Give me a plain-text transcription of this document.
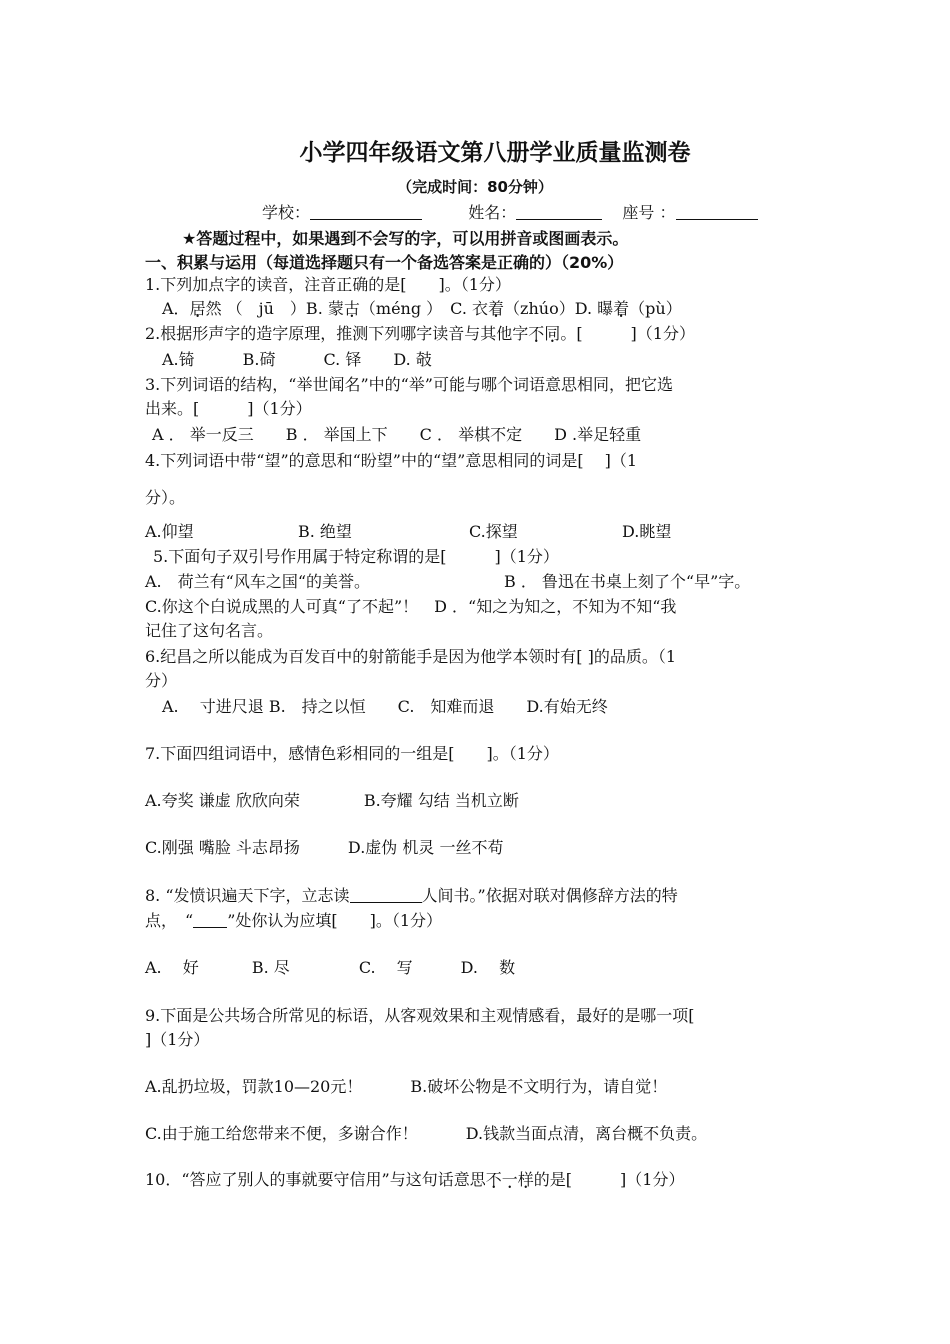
小学四年级语文第八册学业质量监测卷
（完成时间：80分钟）
学校：	姓名：	座号 ：
★答题过程中，如果遇到不会写的字，可以用拼音或图画表示。
一、积累与运用（每道选择题只有一个备选答案是正确的）（20%）
1.下列加点字的读音，注音正确的是[　　]。（1分）
A．居然 （　jū　）B. 蒙古（méng ）　C. 衣着（zhúo）D. 曝着（pù）
2.根据形声字的造字原理，推测下列哪字读音与其他字不同。[　　　]（1分）
A.锜　　　B.碕　　　C. 铎　　D. 攲
3.下列词语的结构，“举世闻名”中的“举”可能与哪个词语意思相同，把它选
出来。[　　　]（1分）
A ． 举一反三　　B ． 举国上下　　C ． 举棋不定　　D .举足轻重
4.下列词语中带“望”的意思和“盼望”中的“望”意思相同的词是[　 ]（1
分）。
A.仰望	B. 绝望	C.探望	D.眺望
5.下面句子双引号作用属于特定称谓的是[　　　]（1分）
A.　荷兰有“风车之国“的美誉。	B ． 鲁迅在书桌上刻了个“早”字。
C.你这个白说成黑的人可真“了不起”！　D ．“知之为知之，不知为不知“我
记住了这句名言。
6.纪昌之所以能成为百发百中的射箭能手是因为他学本领时有[ ]的品质。（1
分）
A.　 寸进尺退 B.　持之以恒　　C.　知难而退　　D.有始无终
7.下面四组词语中，感情色彩相同的一组是[　　]。（1分）
A.夸奖 谦虚 欣欣向荣　　　　B.夸耀 勾结 当机立断
C.刚强 嘴脸 斗志昂扬　　　D.虚伪 机灵 一丝不苟
8. “发愤识遍天下字，立志读	人间书。”依据对联对偶修辞方法的特
点，　“ ”处你认为应填[　　]。（1分）
A.　 好　　　 B. 尽　　　　 C.　 写　　　D.　 数
9.下面是公共场合所常见的标语，从客观效果和主观情感看，最好的是哪一项[
]（1分）
A.乱扔垃圾，罚款10—20元！　　　B.破坏公物是不文明行为，请自觉！
C.由于施工给您带来不便，多谢合作！　　　D.钱款当面点清，离台概不负责。
10．“答应了别人的事就要守信用”与这句话意思不一样的是[　　　]（1分）
